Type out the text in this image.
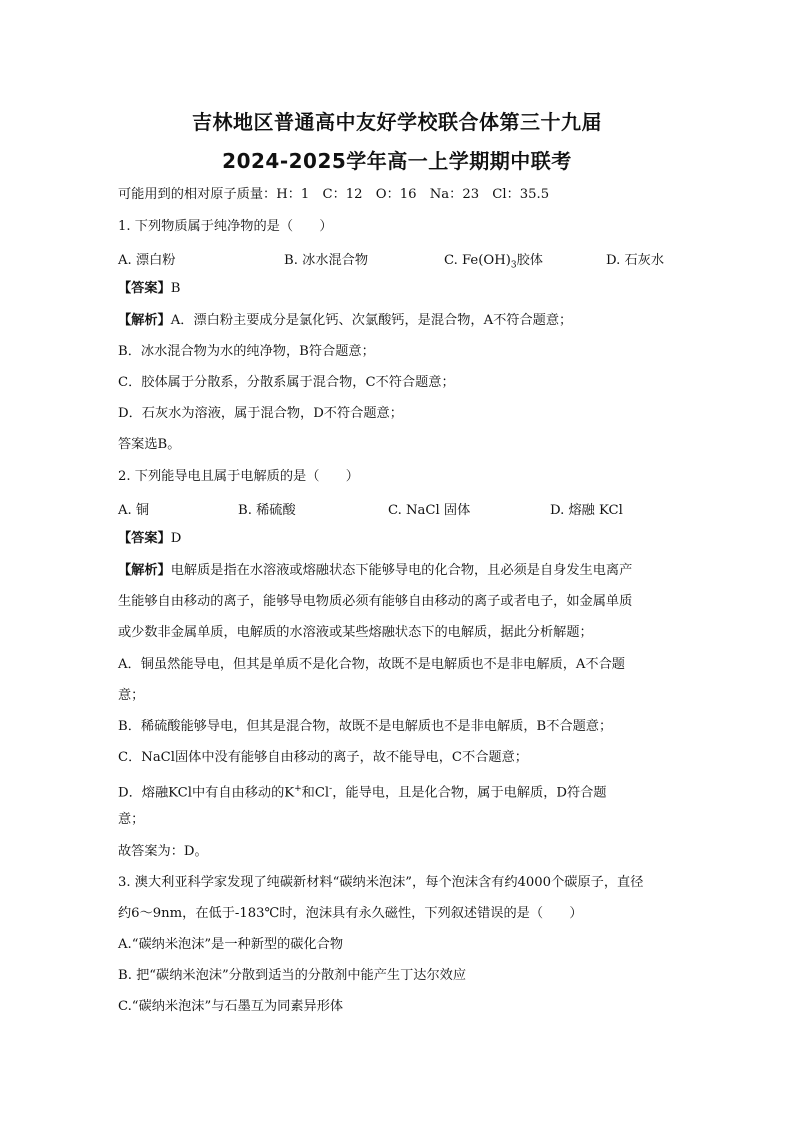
吉林地区普通高中友好学校联合体第三十九届
2024-2025学年高一上学期期中联考
可能用到的相对原子质量：H：1　C：12　O：16　Na：23　Cl：35.5
1. 下列物质属于纯净物的是（　　）
A. 漂白粉	B. 冰水混合物	C. $Fe(OH)_3$胶体	D. 石灰水
【答案】B
【解析】A．漂白粉主要成分是氯化钙、次氯酸钙，是混合物，A不符合题意；
B．冰水混合物为水的纯净物，B符合题意；
C．胶体属于分散系，分散系属于混合物，C不符合题意；
D．石灰水为溶液，属于混合物，D不符合题意；
答案选B。
2. 下列能导电且属于电解质的是（　　）
A. 铜	B. 稀硫酸	C. NaCl 固体	D. 熔融 KCl
【答案】D
【解析】电解质是指在水溶液或熔融状态下能够导电的化合物，且必须是自身发生电离产
生能够自由移动的离子，能够导电物质必须有能够自由移动的离子或者电子，如金属单质
或少数非金属单质，电解质的水溶液或某些熔融状态下的电解质，据此分析解题；
A．铜虽然能导电，但其是单质不是化合物，故既不是电解质也不是非电解质，A不合题
意；
B．稀硫酸能够导电，但其是混合物，故既不是电解质也不是非电解质，B不合题意；
C．NaCl固体中没有能够自由移动的离子，故不能导电，C不合题意；
D．熔融KCl中有自由移动的K+和Cl-，能导电，且是化合物，属于电解质，D符合题
意；
故答案为：D。
3. 澳大利亚科学家发现了纯碳新材料“碳纳米泡沫”，每个泡沫含有约4000个碳原子，直径
约6～9nm，在低于-183℃时，泡沫具有永久磁性，下列叙述错误的是（　　）
A.“碳纳米泡沫”是一种新型的碳化合物
B. 把“碳纳米泡沫”分散到适当的分散剂中能产生丁达尔效应
C.“碳纳米泡沫”与石墨互为同素异形体
